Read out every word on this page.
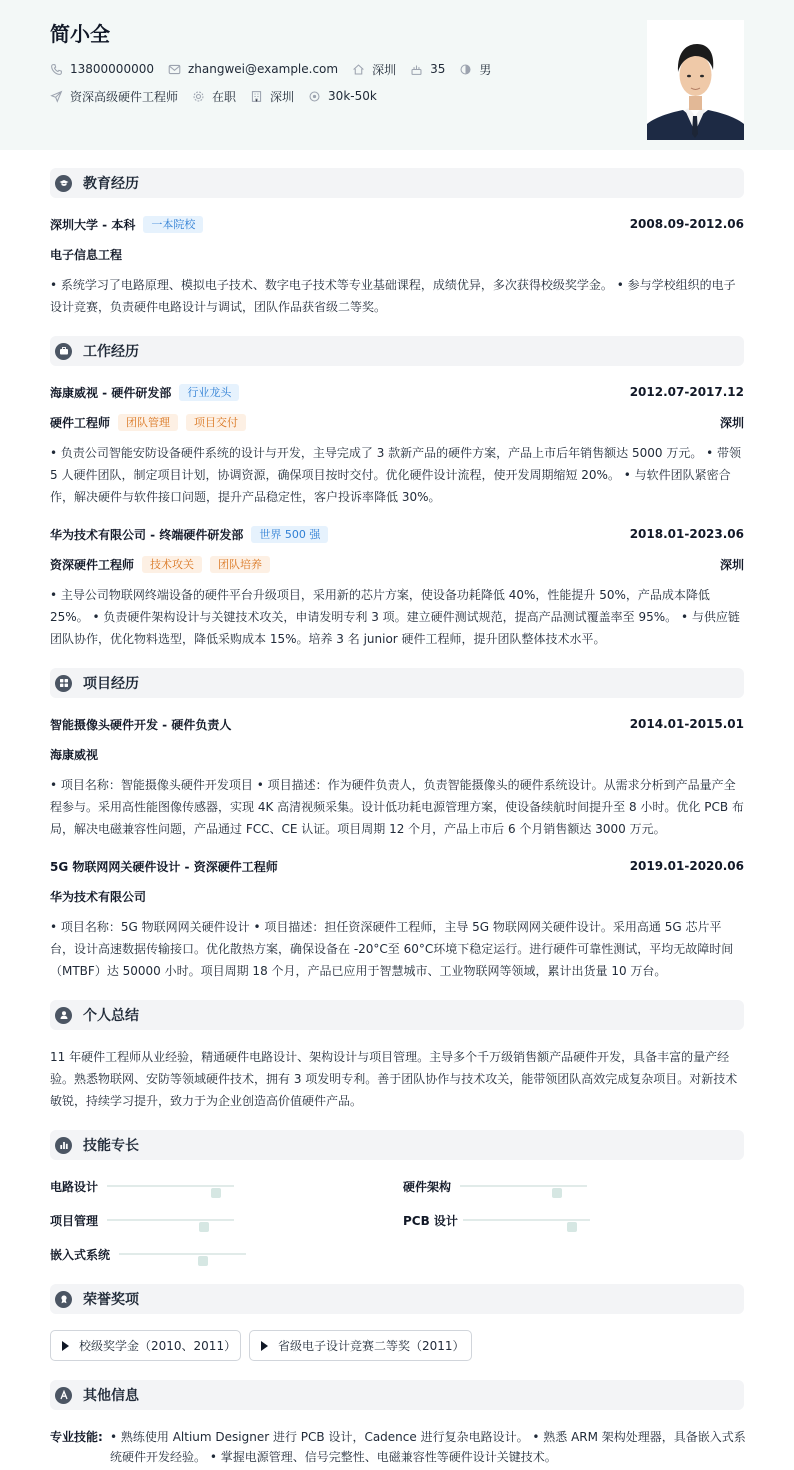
简小全
13800000000	zhangwei@example.com	深圳	35	男
资深高级硬件工程师	在职	深圳	30k-50k
教育经历
深圳大学 - 本科	一本院校	2008.09-2012.06
电子信息工程
• 系统学习了电路原理、模拟电子技术、数字电子技术等专业基础课程，成绩优异，多次获得校级奖学金。 • 参与学校组织的电子设计竞赛，负责硬件电路设计与调试，团队作品获省级二等奖。
工作经历
海康威视 - 硬件研发部	行业龙头	2012.07-2017.12
硬件工程师	团队管理	项目交付	深圳
• 负责公司智能安防设备硬件系统的设计与开发，主导完成了 3 款新产品的硬件方案，产品上市后年销售额达 5000 万元。 • 带领 5 人硬件团队，制定项目计划，协调资源，确保项目按时交付。优化硬件设计流程，使开发周期缩短 20%。 • 与软件团队紧密合作，解决硬件与软件接口问题，提升产品稳定性，客户投诉率降低 30%。
华为技术有限公司 - 终端硬件研发部	世界 500 强	2018.01-2023.06
资深硬件工程师	技术攻关	团队培养	深圳
• 主导公司物联网终端设备的硬件平台升级项目，采用新的芯片方案，使设备功耗降低 40%，性能提升 50%，产品成本降低 25%。 • 负责硬件架构设计与关键技术攻关，申请发明专利 3 项。建立硬件测试规范，提高产品测试覆盖率至 95%。 • 与供应链团队协作，优化物料选型，降低采购成本 15%。培养 3 名 junior 硬件工程师，提升团队整体技术水平。
项目经历
智能摄像头硬件开发 - 硬件负责人	2014.01-2015.01
海康威视
• 项目名称：智能摄像头硬件开发项目 • 项目描述：作为硬件负责人，负责智能摄像头的硬件系统设计。从需求分析到产品量产全程参与。采用高性能图像传感器，实现 4K 高清视频采集。设计低功耗电源管理方案，使设备续航时间提升至 8 小时。优化 PCB 布局，解决电磁兼容性问题，产品通过 FCC、CE 认证。项目周期 12 个月，产品上市后 6 个月销售额达 3000 万元。
5G 物联网网关硬件设计 - 资深硬件工程师	2019.01-2020.06
华为技术有限公司
• 项目名称：5G 物联网网关硬件设计 • 项目描述：担任资深硬件工程师，主导 5G 物联网网关硬件设计。采用高通 5G 芯片平台，设计高速数据传输接口。优化散热方案，确保设备在 -20°C至 60°C环境下稳定运行。进行硬件可靠性测试，平均无故障时间（MTBF）达 50000 小时。项目周期 18 个月，产品已应用于智慧城市、工业物联网等领域，累计出货量 10 万台。
个人总结
11 年硬件工程师从业经验，精通硬件电路设计、架构设计与项目管理。主导多个千万级销售额产品硬件开发，具备丰富的量产经验。熟悉物联网、安防等领域硬件技术，拥有 3 项发明专利。善于团队协作与技术攻关，能带领团队高效完成复杂项目。对新技术敏锐，持续学习提升，致力于为企业创造高价值硬件产品。
技能专长
电路设计	硬件架构
项目管理	PCB 设计
嵌入式系统
荣誉奖项
校级奖学金（2010、2011）	省级电子设计竞赛二等奖（2011）
其他信息
专业技能: • 熟练使用 Altium Designer 进行 PCB 设计，Cadence 进行复杂电路设计。 • 熟悉 ARM 架构处理器，具备嵌入式系统硬件开发经验。 • 掌握电源管理、信号完整性、电磁兼容性等硬件设计关键技术。
